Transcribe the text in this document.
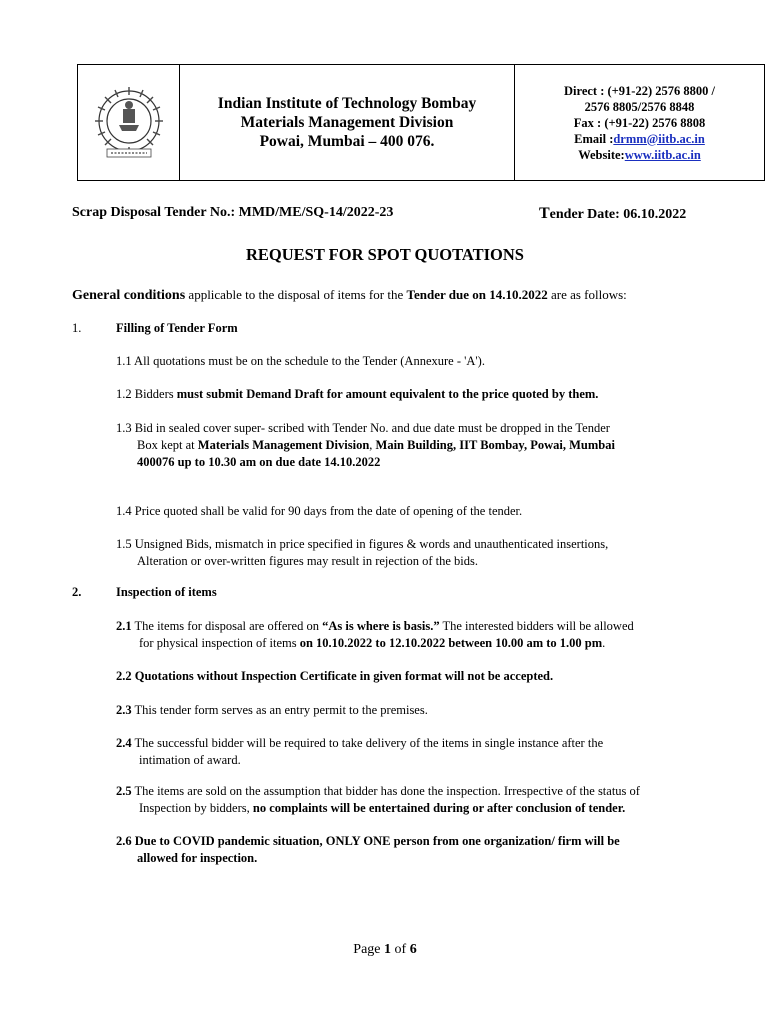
Indian Institute of Technology Bombay
Materials Management Division
Powai, Mumbai – 400 076.
Direct : (+91-22) 2576 8800 /
2576 8805/2576 8848
Fax : (+91-22) 2576 8808
Email :drmm@iitb.ac.in
Website:www.iitb.ac.in
Scrap Disposal Tender No.: MMD/ME/SQ-14/2022-23	Tender Date: 06.10.2022
REQUEST FOR SPOT QUOTATIONS
General conditions applicable to the disposal of items for the Tender due on 14.10.2022 are as follows:
1.	Filling of Tender Form
1.1 All quotations must be on the schedule to the Tender (Annexure - 'A').
1.2 Bidders must submit Demand Draft for amount equivalent to the price quoted by them.
1.3 Bid in sealed cover super- scribed with Tender No. and due date must be dropped in the Tender
Box kept at Materials Management Division, Main Building, IIT Bombay, Powai, Mumbai
400076 up to 10.30 am on due date 14.10.2022
1.4 Price quoted shall be valid for 90 days from the date of opening of the tender.
1.5 Unsigned Bids, mismatch in price specified in figures & words and unauthenticated insertions,
Alteration or over-written figures may result in rejection of the bids.
2.	Inspection of items
2.1 The items for disposal are offered on “As is where is basis.” The interested bidders will be allowed
for physical inspection of items on 10.10.2022 to 12.10.2022 between 10.00 am to 1.00 pm.
2.2 Quotations without Inspection Certificate in given format will not be accepted.
2.3 This tender form serves as an entry permit to the premises.
2.4 The successful bidder will be required to take delivery of the items in single instance after the
intimation of award.
2.5 The items are sold on the assumption that bidder has done the inspection. Irrespective of the status of
Inspection by bidders, no complaints will be entertained during or after conclusion of tender.
2.6 Due to COVID pandemic situation, ONLY ONE person from one organization/ firm will be
allowed for inspection.
Page 1 of 6
